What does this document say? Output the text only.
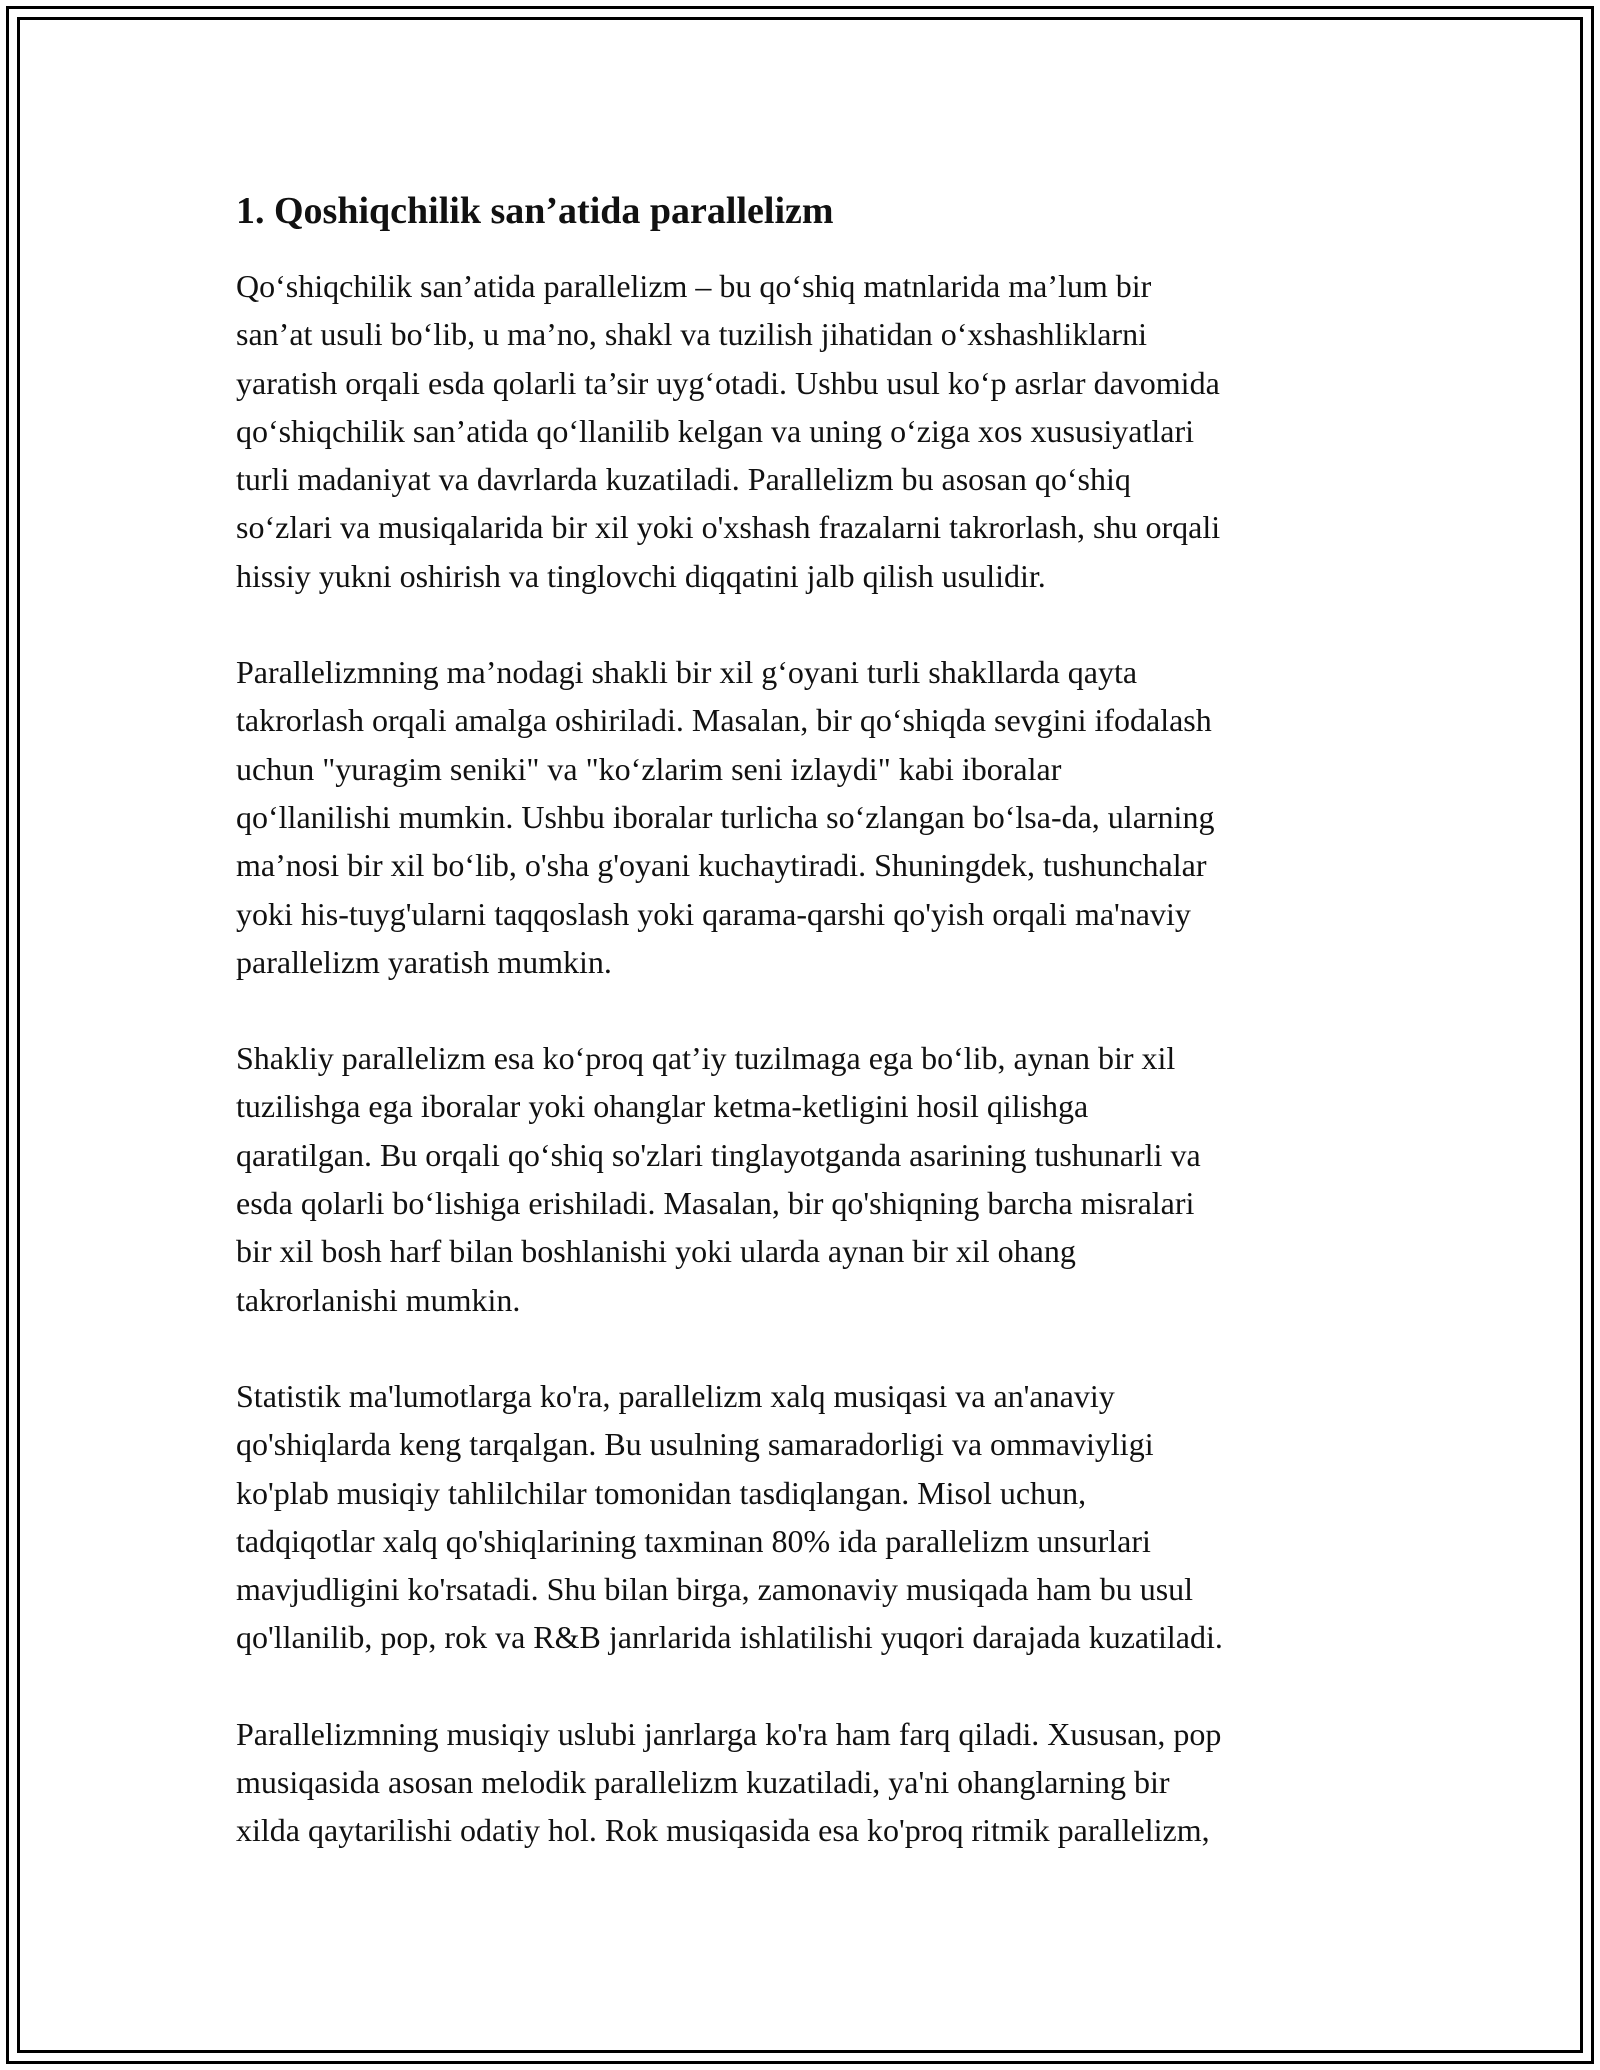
1. Qoshiqchilik san’atida parallelizm

Qo‘shiqchilik san’atida parallelizm – bu qo‘shiq matnlarida ma’lum bir
san’at usuli bo‘lib, u ma’no, shakl va tuzilish jihatidan o‘xshashliklarni
yaratish orqali esda qolarli ta’sir uyg‘otadi. Ushbu usul ko‘p asrlar davomida
qo‘shiqchilik san’atida qo‘llanilib kelgan va uning o‘ziga xos xususiyatlari
turli madaniyat va davrlarda kuzatiladi. Parallelizm bu asosan qo‘shiq
so‘zlari va musiqalarida bir xil yoki o'xshash frazalarni takrorlash, shu orqali
hissiy yukni oshirish va tinglovchi diqqatini jalb qilish usulidir.

Parallelizmning ma’nodagi shakli bir xil g‘oyani turli shakllarda qayta
takrorlash orqali amalga oshiriladi. Masalan, bir qo‘shiqda sevgini ifodalash
uchun "yuragim seniki" va "ko‘zlarim seni izlaydi" kabi iboralar
qo‘llanilishi mumkin. Ushbu iboralar turlicha so‘zlangan bo‘lsa-da, ularning
ma’nosi bir xil bo‘lib, o'sha g'oyani kuchaytiradi. Shuningdek, tushunchalar
yoki his-tuyg'ularni taqqoslash yoki qarama-qarshi qo'yish orqali ma'naviy
parallelizm yaratish mumkin.

Shakliy parallelizm esa ko‘proq qat’iy tuzilmaga ega bo‘lib, aynan bir xil
tuzilishga ega iboralar yoki ohanglar ketma-ketligini hosil qilishga
qaratilgan. Bu orqali qo‘shiq so'zlari tinglayotganda asarining tushunarli va
esda qolarli bo‘lishiga erishiladi. Masalan, bir qo'shiqning barcha misralari
bir xil bosh harf bilan boshlanishi yoki ularda aynan bir xil ohang
takrorlanishi mumkin.

Statistik ma'lumotlarga ko'ra, parallelizm xalq musiqasi va an'anaviy
qo'shiqlarda keng tarqalgan. Bu usulning samaradorligi va ommaviyligi
ko'plab musiqiy tahlilchilar tomonidan tasdiqlangan. Misol uchun,
tadqiqotlar xalq qo'shiqlarining taxminan 80% ida parallelizm unsurlari
mavjudligini ko'rsatadi. Shu bilan birga, zamonaviy musiqada ham bu usul
qo'llanilib, pop, rok va R&B janrlarida ishlatilishi yuqori darajada kuzatiladi.

Parallelizmning musiqiy uslubi janrlarga ko'ra ham farq qiladi. Xususan, pop
musiqasida asosan melodik parallelizm kuzatiladi, ya'ni ohanglarning bir
xilda qaytarilishi odatiy hol. Rok musiqasida esa ko'proq ritmik parallelizm,
